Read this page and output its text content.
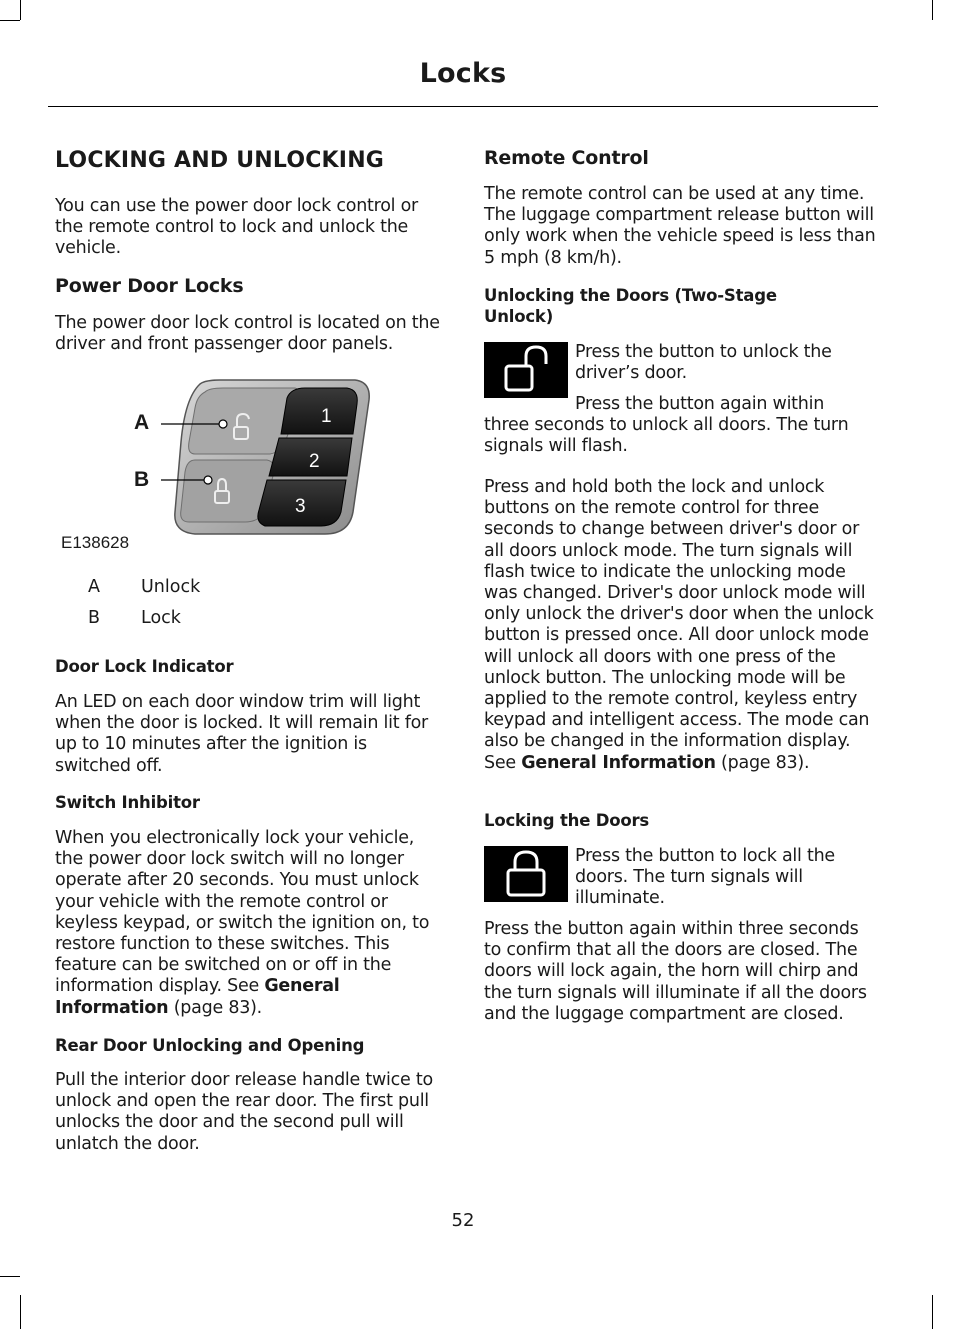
Locks
LOCKING AND UNLOCKING
You can use the power door lock control or the remote control to lock and unlock the vehicle.
Power Door Locks
The power door lock control is located on the driver and front passenger door panels.
A
B
1
2
3
E138628
A Unlock
B Lock
Door Lock Indicator
An LED on each door window trim will light when the door is locked. It will remain lit for up to 10 minutes after the ignition is switched off.
Switch Inhibitor
When you electronically lock your vehicle, the power door lock switch will no longer operate after 20 seconds. You must unlock your vehicle with the remote control or keyless keypad, or switch the ignition on, to restore function to these switches. This feature can be switched on or off in the information display. See General Information (page 83).
Rear Door Unlocking and Opening
Pull the interior door release handle twice to unlock and open the rear door. The first pull unlocks the door and the second pull will unlatch the door.
Remote Control
The remote control can be used at any time. The luggage compartment release button will only work when the vehicle speed is less than 5 mph (8 km/h).
Unlocking the Doors (Two-Stage Unlock)
Press the button to unlock the driver’s door.
Press the button again within
three seconds to unlock all doors. The turn signals will flash.
Press and hold both the lock and unlock buttons on the remote control for three seconds to change between driver's door or all doors unlock mode. The turn signals will flash twice to indicate the unlocking mode was changed. Driver's door unlock mode will only unlock the driver's door when the unlock button is pressed once. All door unlock mode will unlock all doors with one press of the unlock button. The unlocking mode will be applied to the remote control, keyless entry keypad and intelligent access. The mode can also be changed in the information display. See General Information (page 83).
Locking the Doors
Press the button to lock all the doors. The turn signals will illuminate.
Press the button again within three seconds to confirm that all the doors are closed. The doors will lock again, the horn will chirp and the turn signals will illuminate if all the doors and the luggage compartment are closed.
52
